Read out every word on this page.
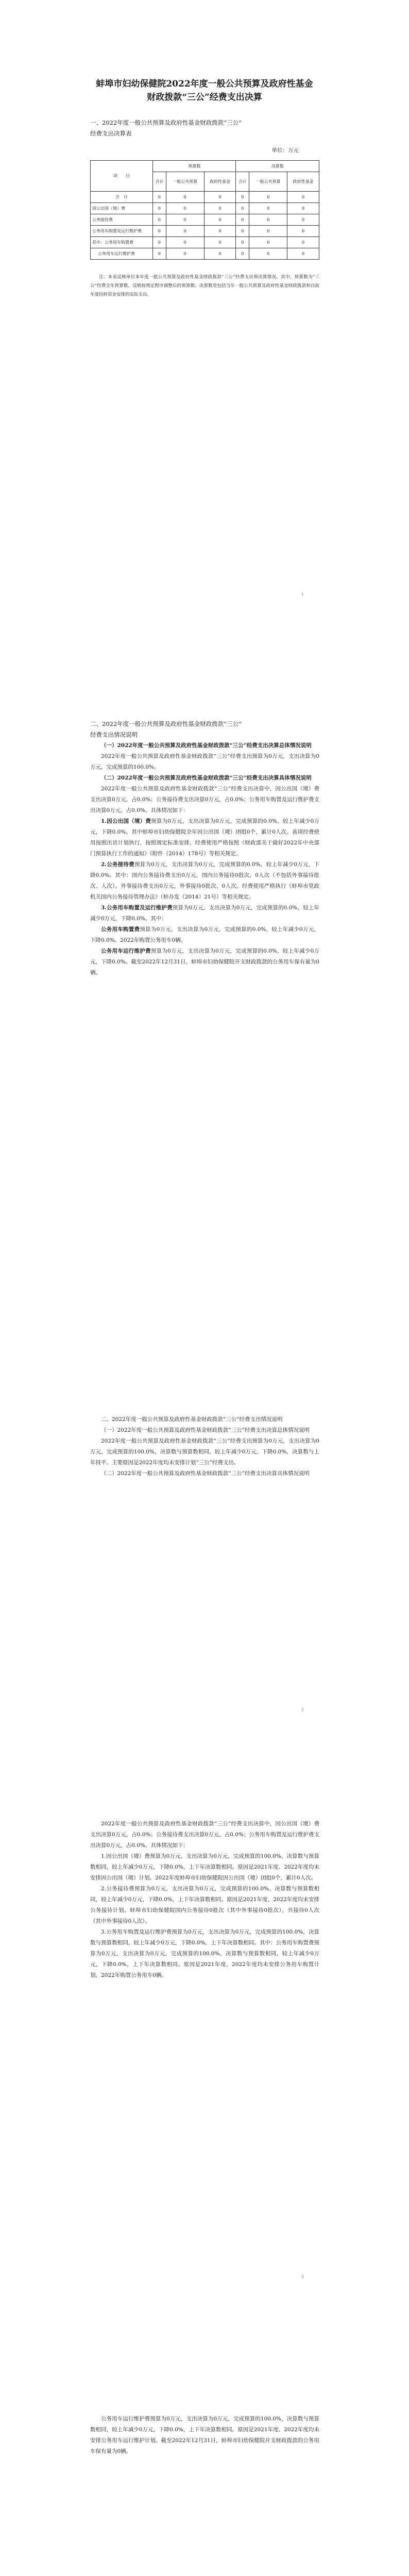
蚌埠市妇幼保健院2022年度一般公共预算及政府性基金
财政拨款“三公”经费支出决算
一、2022年度一般公共预算及政府性基金财政拨款“三公”
经费支出决算表
单位：万元
项　　目	预算数			决算数		
	合计	一般公共预算	政府性基金	合计	一般公共预算	政府性基金
合　计	0	0	0	0	0	0
因公出国（境）费	0	0	0	0	0	0
公务接待费	0	0	0	0	0	0
公务用车购置及运行维护费	0	0	0	0	0	0
其中：公务用车购置费	0	0	0	0	0	0
公务用车运行维护费	0	0	0	0	0	0

注：本表反映单位本年度一般公共预算及政府性基金财政拨款“三公”经费支出预决算情况。其中，预算数为“三公”经费全年预算数，反映按规定程序调整后的预算数；决算数是包括当年一般公共预算及政府性基金财政拨款和以前年度结转资金安排的实际支出。

1
二、2022年度一般公共预算及政府性基金财政拨款“三公”
经费支出情况说明

（一）2022年度一般公共预算及政府性基金财政拨款“三公”经费支出决算总体情况说明

2022年度一般公共预算及政府性基金财政拨款“三公”经费支出预算为0万元，支出决算为0万元，完成预算的100.0%。

（二）2022年度一般公共预算及政府性基金财政拨款“三公”经费支出决算具体情况说明

2022年度一般公共预算及政府性基金财政拨款“三公”经费支出决算中，因公出国（境）费支出决算0万元，占0.0%；公务接待费支出决算0万元，占0.0%；公务用车购置及运行维护费支出决算0万元，占0.0%。具体情况如下：

1.因公出国（境）费预算为0万元，支出决算为0万元，完成预算的0.0%，较上年减少0万元，下降0.0%。其中蚌埠市妇幼保健院全年因公出国（境）团组0个，累计0人次。该项经费使用按照出访计划执行，按照规定标准安排，经费使用严格按照《财政部关于做好2022年中央部门预算执行工作的通知》（附件（2014）178号）等相关规定。

2.公务接待费预算为0万元，支出决算为0万元，完成预算的0.0%，较上年减少0万元，下降0.0%。其中：国内公务接待费支出0万元，国内公务接待0批次，0人次（不包括外事接待批次、人次）。外事接待费支出0万元，外事接待0批次，0人次。经费使用严格执行《蚌埠市党政机关国内公务接待管理办法》（蚌办发（2014）21号）等相关规定。

3.公务用车购置及运行维护费预算为0万元，支出决算为0万元，完成预算的0.0%，较上年减少0万元，下降0.0%。其中：

公务用车购置费预算为0万元，支出决算为0万元，完成预算的0.0%，较上年减少0万元，下降0.0%。2022年购置公务用车0辆。

公务用车运行维护费预算为0万元，支出决算为0万元，完成预算的0.0%，较上年减少0万元，下降0.0%。截至2022年12月31日，蚌埠市妇幼保健院开支财政拨款的公务用车保有量为0辆。

二、2022年度一般公共预算及政府性基金财政拨款“三公”经费支出情况说明

（一）2022年度一般公共预算及政府性基金财政拨款“三公”经费支出决算总体情况说明

2022年度一般公共预算及政府性基金财政拨款“三公”经费支出预算为0万元，支出决算为0万元，完成预算的100.0%，决算数与预算数相同，较上年减少0万元，下降0.0%，决算数与上年持平。主要原因是2022年度均未安排计划“三公”经费支出。

（二）2022年度一般公共预算及政府性基金财政拨款“三公”经费支出决算具体情况说明

2

2022年度一般公共预算及政府性基金财政拨款“三公”经费支出决算中，因公出国（境）费支出决算0万元，占0.0%；公务接待费支出决算0万元，占0.0%；公务用车购置及运行维护费支出决算0万元，占0.0%。具体情况如下：

1.因公出国（境）费预算为0万元，支出决算为0万元，完成预算的100.0%，决算数与预算数相同，较上年减少0万元，下降0.0%，上下年决算数相同。原因是2021年度、2022年度均未安排因公出国（境）计划。2022年度蚌埠市妇幼保健院因公出国（境）团组0个，累计0人次。

2.公务接待费预算为0万元，支出决算为0万元，完成预算的100.0%，决算数与预算数相同，较上年减少0万元，下降0.0%，上下年决算数相同。原因是2021年度、2022年度均未安排公务接待计划。蚌埠市妇幼保健院国内公务接待0批次（其中外事接待0批次），共接待0人次（其中外事接待0人次）。

3.公务用车购置及运行维护费预算为0万元，支出决算为0万元，完成预算的100.0%，决算数与预算数相同，较上年减少0万元，下降0.0%，上下年决算数相同。其中：公务用车购置费预算为0万元，支出决算为0万元，完成预算的100.0%，决算数与预算数相同，较上年减少0万元，下降0.0%，上下年决算数相同。原因是2021年度、2022年度均未安排公务用车购置计划。2022年购置公务用车0辆。

3

公务用车运行维护费预算为0万元，支出决算为0万元，完成预算的100.0%，决算数与预算数相同，较上年减少0万元，下降0.0%，上下年决算数相同。原因是2021年度、2022年度均未安排公务用车运行维护计划。截至2022年12月31日，蚌埠市妇幼保健院开支财政拨款的公务用车保有量为0辆。
